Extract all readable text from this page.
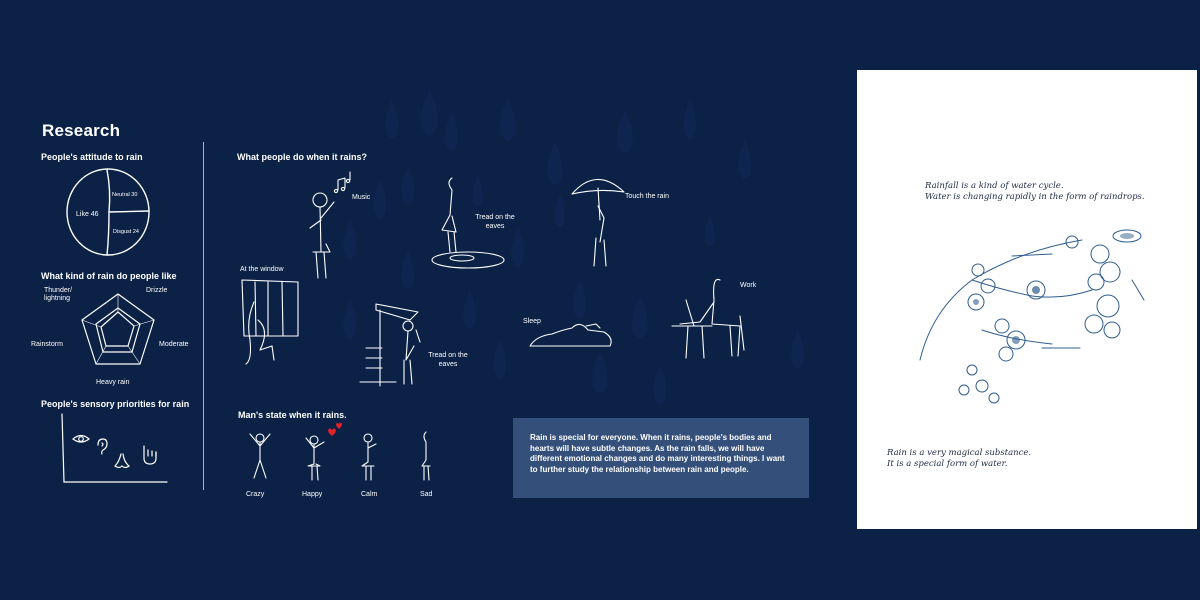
Research
People's attitude to rain
Like 46
Neutral 30
Disgust 24
What kind of rain do people like
Thunder/ lightning
Drizzle
Moderate
Heavy rain
Rainstorm
People's sensory priorities for rain
What people do when it rains?
Music
Tread on the eaves
Touch the rain
At the window
Tread on the eaves
Sleep
Work
Man's state when it rains.
Crazy	Happy	Calm	Sad
Rain is special for everyone. When it rains, people's bodies and hearts will have subtle changes. As the rain falls, we will have different emotional changes and do many interesting things. I want to further study the relationship between rain and people.
Rainfall is a kind of water cycle.
Water is changing rapidly in the form of raindrops.
Rain is a very magical substance.
It is a special form of water.
